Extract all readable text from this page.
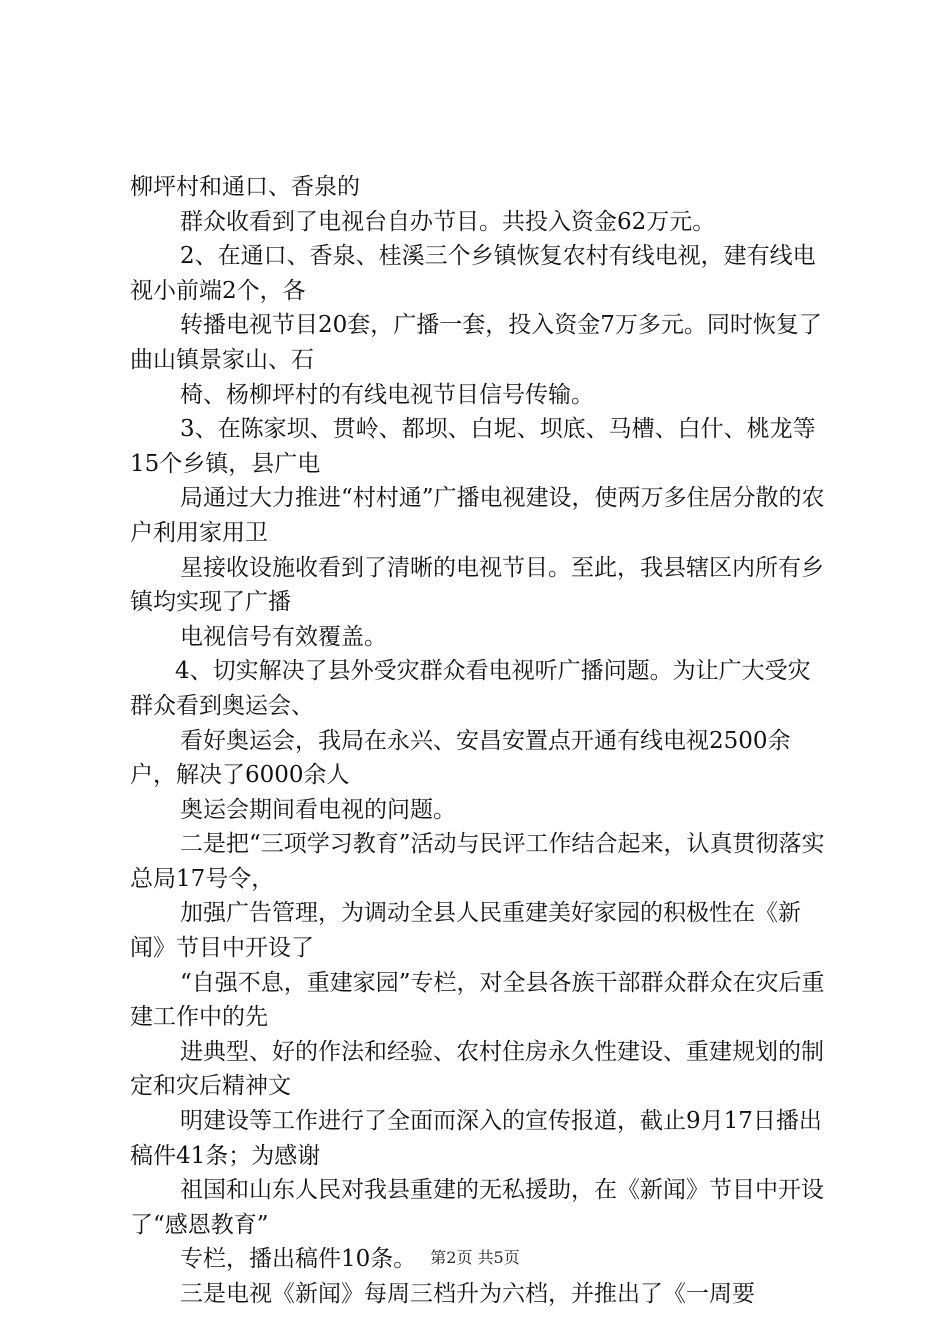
柳坪村和通口、香泉的
群众收看到了电视台自办节目。共投入资金62万元。
2、在通口、香泉、桂溪三个乡镇恢复农村有线电视，建有线电视小前端2个，各
转播电视节目20套，广播一套，投入资金7万多元。同时恢复了曲山镇景家山、石
椅、杨柳坪村的有线电视节目信号传输。
3、在陈家坝、贯岭、都坝、白坭、坝底、马槽、白什、桃龙等15个乡镇，县广电
局通过大力推进“村村通”广播电视建设，使两万多住居分散的农户利用家用卫
星接收设施收看到了清晰的电视节目。至此，我县辖区内所有乡镇均实现了广播
电视信号有效覆盖。
4、切实解决了县外受灾群众看电视听广播问题。为让广大受灾群众看到奥运会、
看好奥运会，我局在永兴、安昌安置点开通有线电视2500余户，解决了6000余人
奥运会期间看电视的问题。
二是把“三项学习教育”活动与民评工作结合起来，认真贯彻落实总局17号令，
加强广告管理，为调动全县人民重建美好家园的积极性在《新闻》节目中开设了
“自强不息，重建家园”专栏，对全县各族干部群众群众在灾后重建工作中的先
进典型、好的作法和经验、农村住房永久性建设、重建规划的制定和灾后精神文
明建设等工作进行了全面而深入的宣传报道，截止9月17日播出稿件41条；为感谢
祖国和山东人民对我县重建的无私援助，在《新闻》节目中开设了“感恩教育”
专栏，播出稿件10条。
三是电视《新闻》每周三档升为六档，并推出了《一周要
第2页 共5页
